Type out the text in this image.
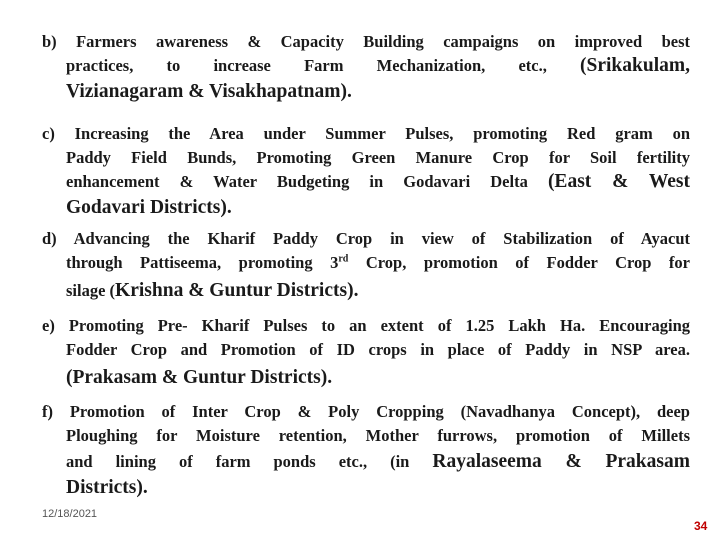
b) Farmers awareness & Capacity Building campaigns on improved best
practices, to increase Farm Mechanization, etc., (Srikakulam,
Vizianagaram & Visakhapatnam).
c) Increasing the Area under Summer Pulses, promoting Red gram on
Paddy Field Bunds, Promoting Green Manure Crop for Soil fertility
enhancement & Water Budgeting in Godavari Delta (East & West
Godavari Districts).
d) Advancing the Kharif Paddy Crop in view of Stabilization of Ayacut
through Pattiseema, promoting 3rd Crop, promotion of Fodder Crop for
silage (Krishna & Guntur Districts).
e) Promoting Pre- Kharif Pulses to an extent of 1.25 Lakh Ha. Encouraging
Fodder Crop and Promotion of ID crops in place of Paddy in NSP area.
(Prakasam & Guntur Districts).
f) Promotion of Inter Crop & Poly Cropping (Navadhanya Concept), deep
Ploughing for Moisture retention, Mother furrows, promotion of Millets
and lining of farm ponds etc., (in Rayalaseema & Prakasam
Districts).
12/18/2021
34
